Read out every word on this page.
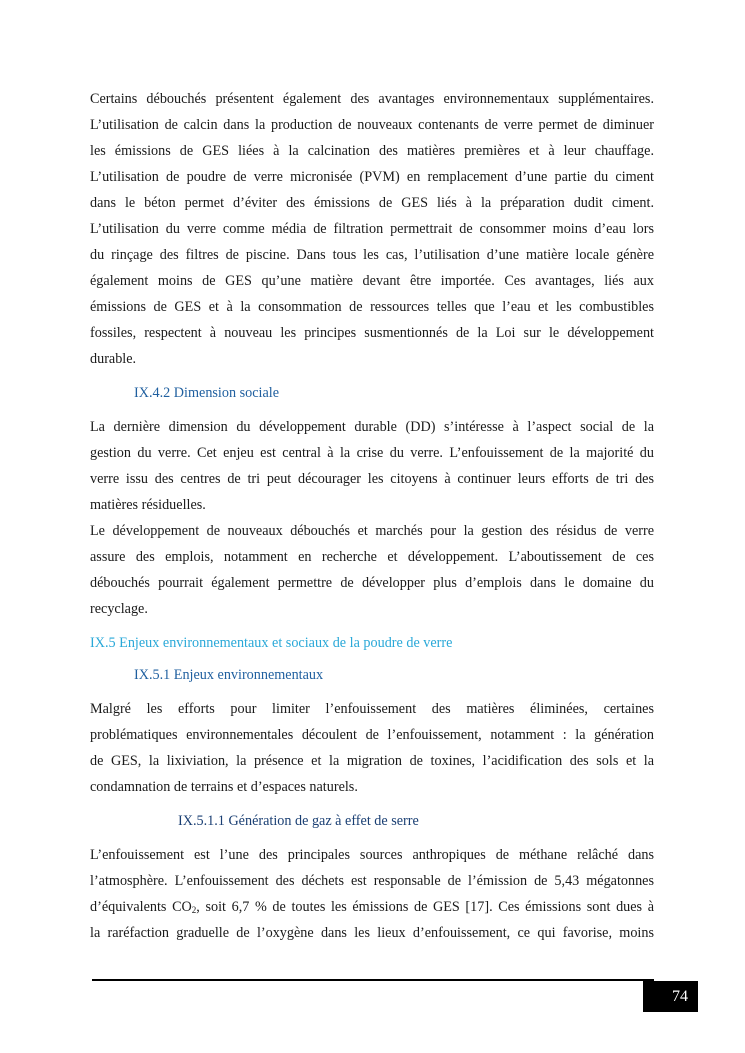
Certains débouchés présentent également des avantages environnementaux supplémentaires.
L’utilisation de calcin dans la production de nouveaux contenants de verre permet de diminuer
les émissions de GES liées à la calcination des matières premières et à leur chauffage.
L’utilisation de poudre de verre micronisée (PVM) en remplacement d’une partie du ciment
dans le béton permet d’éviter des émissions de GES liés à la préparation dudit ciment.
L’utilisation du verre comme média de filtration permettrait de consommer moins d’eau lors
du rinçage des filtres de piscine. Dans tous les cas, l’utilisation d’une matière locale génère
également moins de GES qu’une matière devant être importée. Ces avantages, liés aux
émissions de GES et à la consommation de ressources telles que l’eau et les combustibles
fossiles, respectent à nouveau les principes susmentionnés de la Loi sur le développement
durable.

IX.4.2 Dimension sociale

La dernière dimension du développement durable (DD) s’intéresse à l’aspect social de la
gestion du verre. Cet enjeu est central à la crise du verre. L’enfouissement de la majorité du
verre issu des centres de tri peut décourager les citoyens à continuer leurs efforts de tri des
matières résiduelles.

Le développement de nouveaux débouchés et marchés pour la gestion des résidus de verre
assure des emplois, notamment en recherche et développement. L’aboutissement de ces
débouchés pourrait également permettre de développer plus d’emplois dans le domaine du
recyclage.

IX.5 Enjeux environnementaux et sociaux de la poudre de verre
IX.5.1 Enjeux environnementaux

Malgré les efforts pour limiter l’enfouissement des matières éliminées, certaines
problématiques environnementales découlent de l’enfouissement, notamment : la génération
de GES, la lixiviation, la présence et la migration de toxines, l’acidification des sols et la
condamnation de terrains et d’espaces naturels.

IX.5.1.1 Génération de gaz à effet de serre

L’enfouissement est l’une des principales sources anthropiques de méthane relâché dans
l’atmosphère. L’enfouissement des déchets est responsable de l’émission de 5,43 mégatonnes
d’équivalents $CO_2$, soit 6,7 % de toutes les émissions de GES [17]. Ces émissions sont dues à
la raréfaction graduelle de l’oxygène dans les lieux d’enfouissement, ce qui favorise, moins

74
